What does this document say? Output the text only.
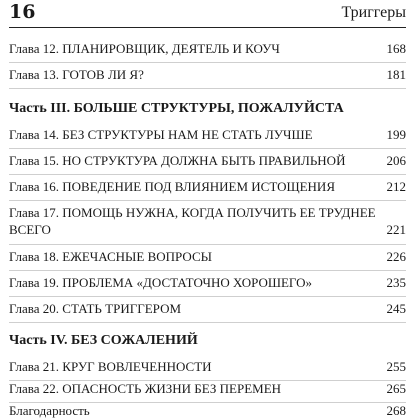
16	Триггеры
Глава 12. ПЛАНИРОВЩИК, ДЕЯТЕЛЬ И КОУЧ	168
Глава 13. ГОТОВ ЛИ Я?	181
Часть III. БОЛЬШЕ СТРУКТУРЫ, ПОЖАЛУЙСТА
Глава 14. БЕЗ СТРУКТУРЫ НАМ НЕ СТАТЬ ЛУЧШЕ	199
Глава 15. НО СТРУКТУРА ДОЛЖНА БЫТЬ ПРАВИЛЬНОЙ	206
Глава 16. ПОВЕДЕНИЕ ПОД ВЛИЯНИЕМ ИСТОЩЕНИЯ	212
Глава 17. ПОМОЩЬ НУЖНА, КОГДА ПОЛУЧИТЬ ЕЕ ТРУДНЕЕ
ВСЕГО	221
Глава 18. ЕЖЕЧАСНЫЕ ВОПРОСЫ	226
Глава 19. ПРОБЛЕМА «ДОСТАТОЧНО ХОРОШЕГО»	235
Глава 20. СТАТЬ ТРИГГЕРОМ	245
Часть IV. БЕЗ СОЖАЛЕНИЙ
Глава 21. КРУГ ВОВЛЕЧЕННОСТИ	255
Глава 22. ОПАСНОСТЬ ЖИЗНИ БЕЗ ПЕРЕМЕН	265
Благодарность	268
